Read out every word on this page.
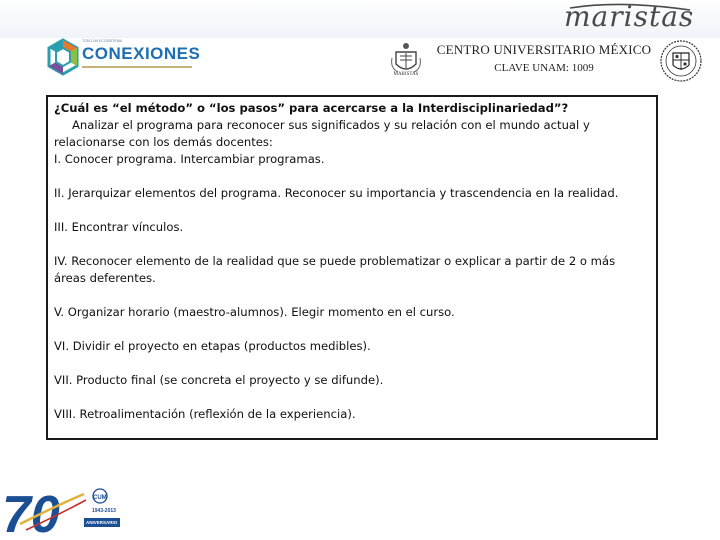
maristas
TODO UN ECOSISTEMA
CONEXIONES
MARISTAS
CENTRO UNIVERSITARIO MÉXICO
CLAVE UNAM: 1009

¿Cuál es “el método” o “los pasos” para acercarse a la Interdisciplinariedad”?

Analizar el programa para reconocer sus significados y su relación con el mundo actual y relacionarse con los demás docentes:

I. Conocer programa. Intercambiar programas.

II. Jerarquizar elementos del programa. Reconocer su importancia y trascendencia en la realidad.

III. Encontrar vínculos.

IV. Reconocer elemento de la realidad que se puede problematizar o explicar a partir de 2 o más áreas deferentes.

V. Organizar horario (maestro-alumnos). Elegir momento en el curso.

VI. Dividir el proyecto en etapas (productos medibles).

VII. Producto final (se concreta el proyecto y se difunde).

VIII. Retroalimentación (reflexión de la experiencia).

70	CUM
1943-2013
ANIVERSARIO
